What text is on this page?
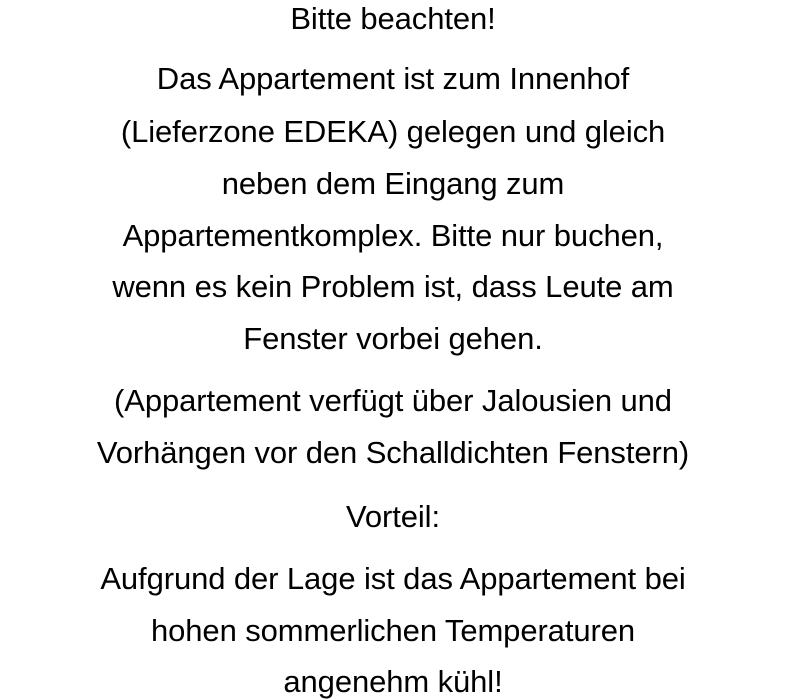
Bitte beachten!
Das Appartement ist zum Innenhof
(Lieferzone EDEKA) gelegen und gleich
neben dem Eingang zum
Appartementkomplex. Bitte nur buchen,
wenn es kein Problem ist, dass Leute am
Fenster vorbei gehen.
(Appartement verfügt über Jalousien und
Vorhängen vor den Schalldichten Fenstern)
Vorteil:
Aufgrund der Lage ist das Appartement bei
hohen sommerlichen Temperaturen
angenehm kühl!
